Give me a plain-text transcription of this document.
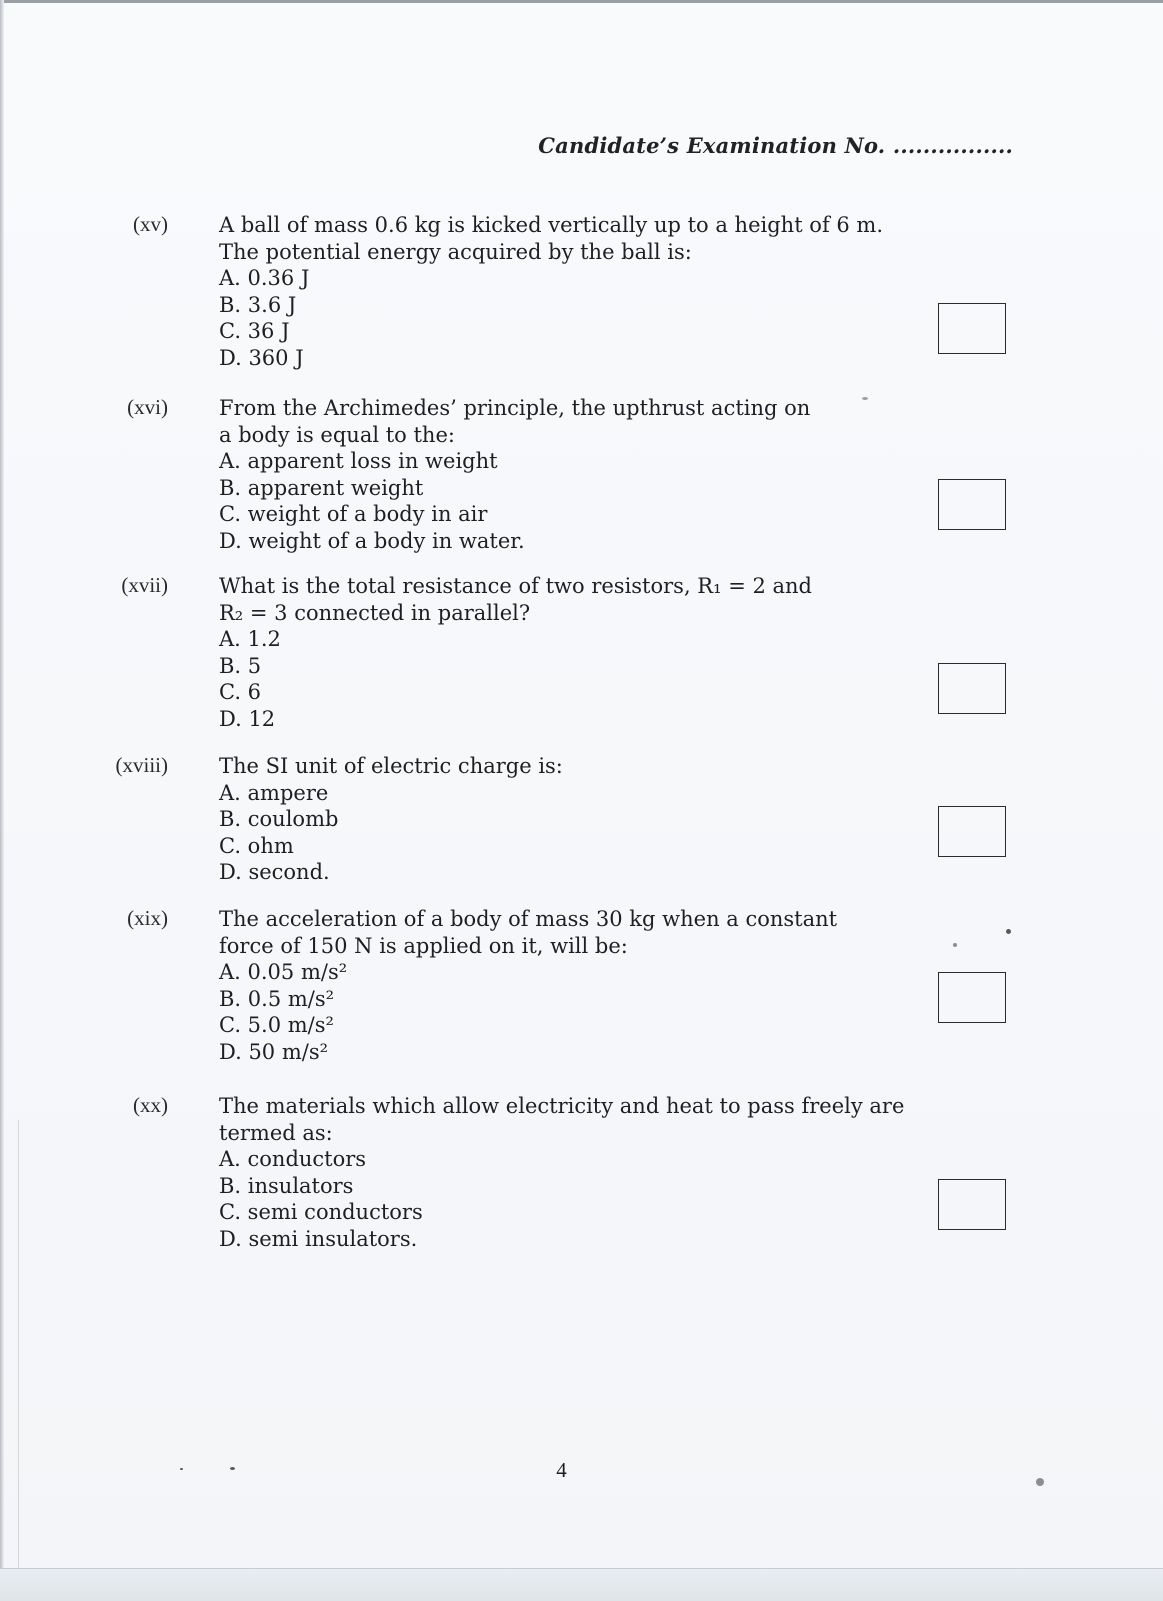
Candidate’s Examination No. ................
(xv) A ball of mass 0.6 kg is kicked vertically up to a height of 6 m.
The potential energy acquired by the ball is:
A. 0.36 J
B. 3.6 J
C. 36 J
D. 360 J
(xvi) From the Archimedes’ principle, the upthrust acting on
a body is equal to the:
A. apparent loss in weight
B. apparent weight
C. weight of a body in air
D. weight of a body in water.
(xvii) What is the total resistance of two resistors, R₁ = 2 and
R₂ = 3 connected in parallel?
A. 1.2
B. 5
C. 6
D. 12
(xviii) The SI unit of electric charge is:
A. ampere
B. coulomb
C. ohm
D. second.
(xix) The acceleration of a body of mass 30 kg when a constant
force of 150 N is applied on it, will be:
A. 0.05 m/s²
B. 0.5 m/s²
C. 5.0 m/s²
D. 50 m/s²
(xx) The materials which allow electricity and heat to pass freely are
termed as:
A. conductors
B. insulators
C. semi conductors
D. semi insulators.
4
